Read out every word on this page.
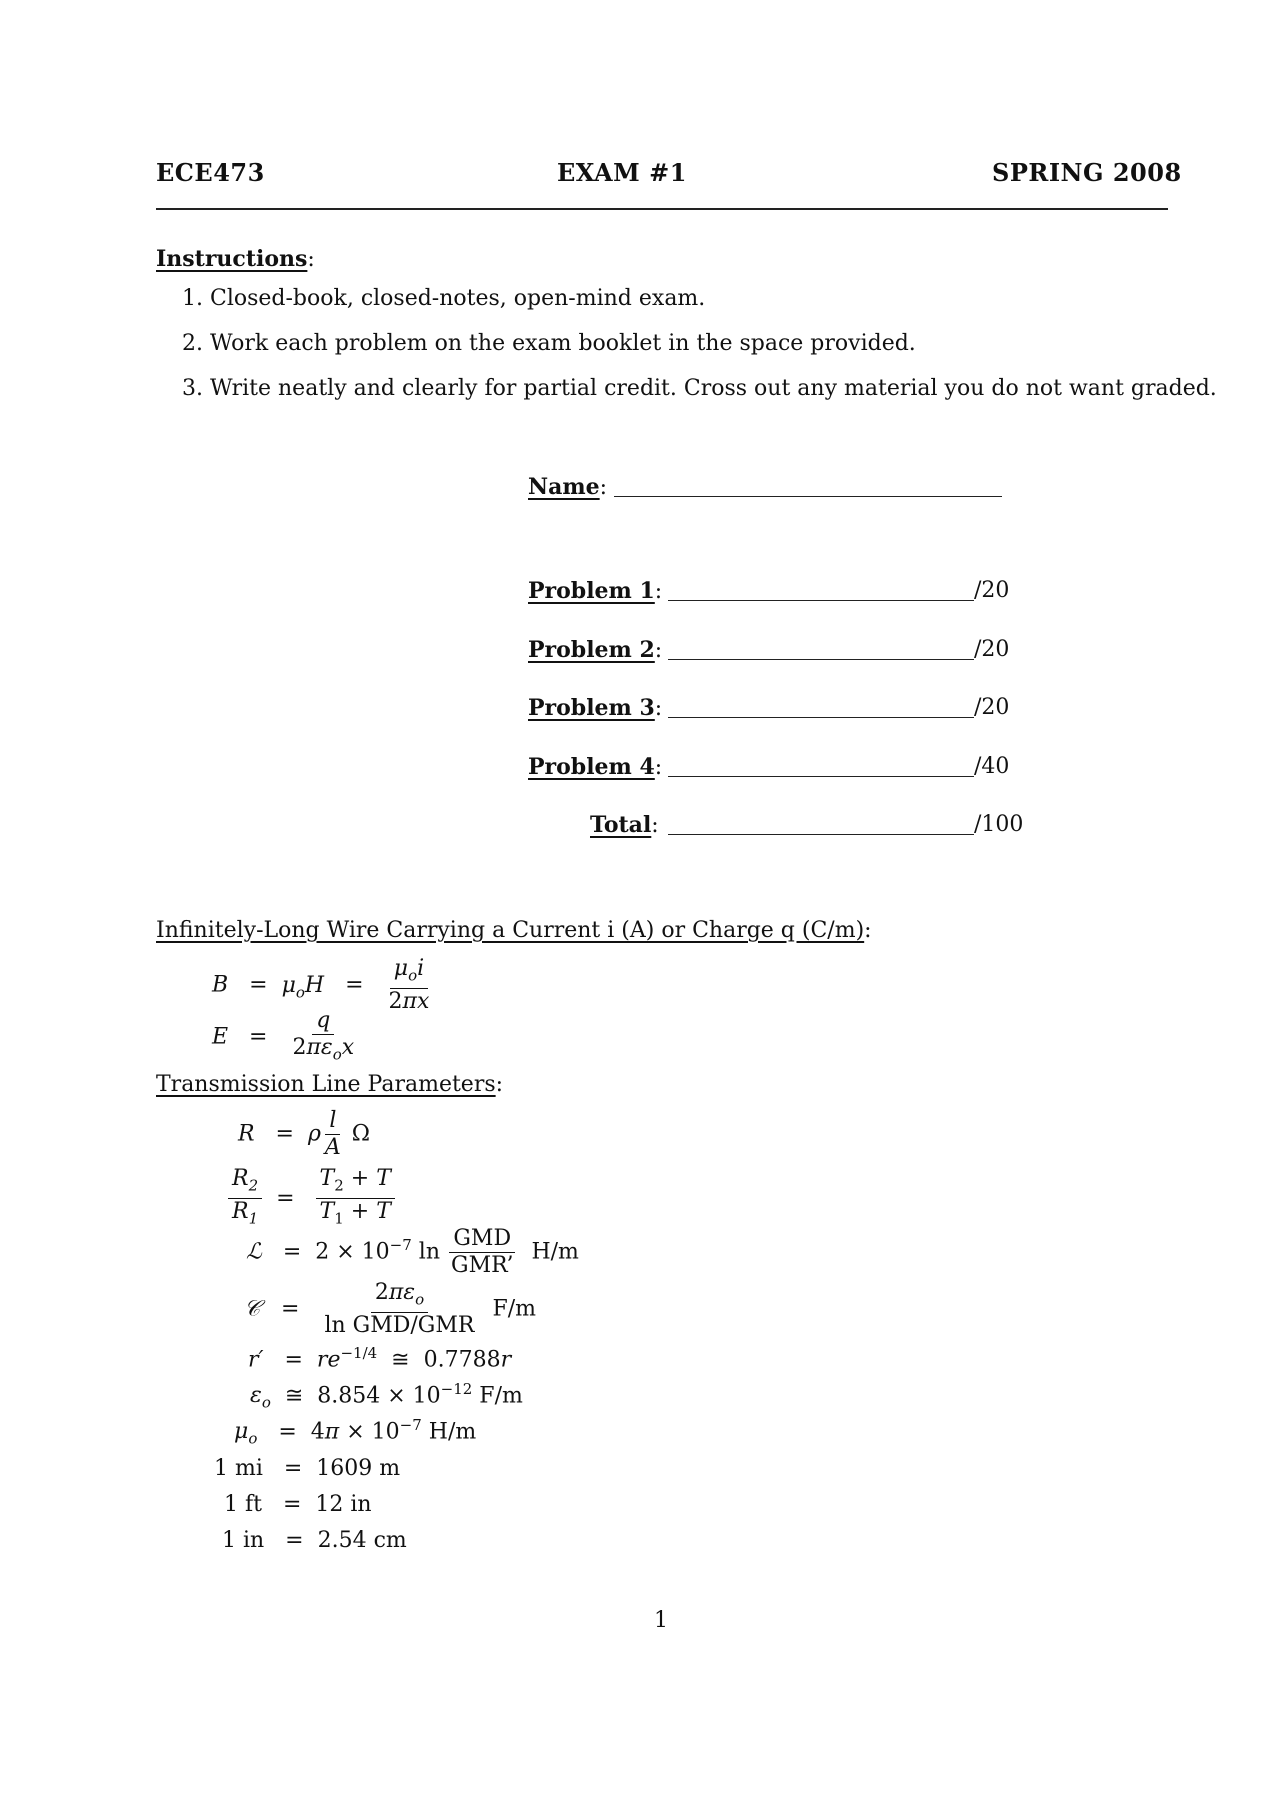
ECE473	EXAM #1	SPRING 2008
Instructions:
1. Closed-book, closed-notes, open-mind exam.
2. Work each problem on the exam booklet in the space provided.
3. Write neatly and clearly for partial credit. Cross out any material you do not want graded.
Name:
Problem 1:	/20
Problem 2:	/20
Problem 3:	/20
Problem 4:	/40
Total:	/100
Infinitely-Long Wire Carrying a Current i (A) or Charge q (C/m):
$B = \mu_oH = \frac{\mu_oi}{2\pi x}$
$E = \frac{q}{2\pi\varepsilon_ox}$
Transmission Line Parameters:
R   =  ρ $\frac{l}{A}$ Ω
$\frac{R_2}{R_1} = \frac{T_2 + T}{T_1 + T}$
ℒ   =  $2 \times 10^{-7}$ $\ln \frac{\text{GMD}}{\text{GMR’}} H/m$
𝒞   = $\frac{2\pi\varepsilon_o}{\text{ln GMD/GMR}} F/m$
$r' = re^{-1/4}$  ≅  0.7788r
$\varepsilon_o$  ≅  $8.854 \times 10^{-12}$ F/m
$\mu_o = 4\pi \times 10^{-7}$ H/m
1 mi   =  1609 m
1 ft   =  12 in
1 in   =  2.54 cm
1
